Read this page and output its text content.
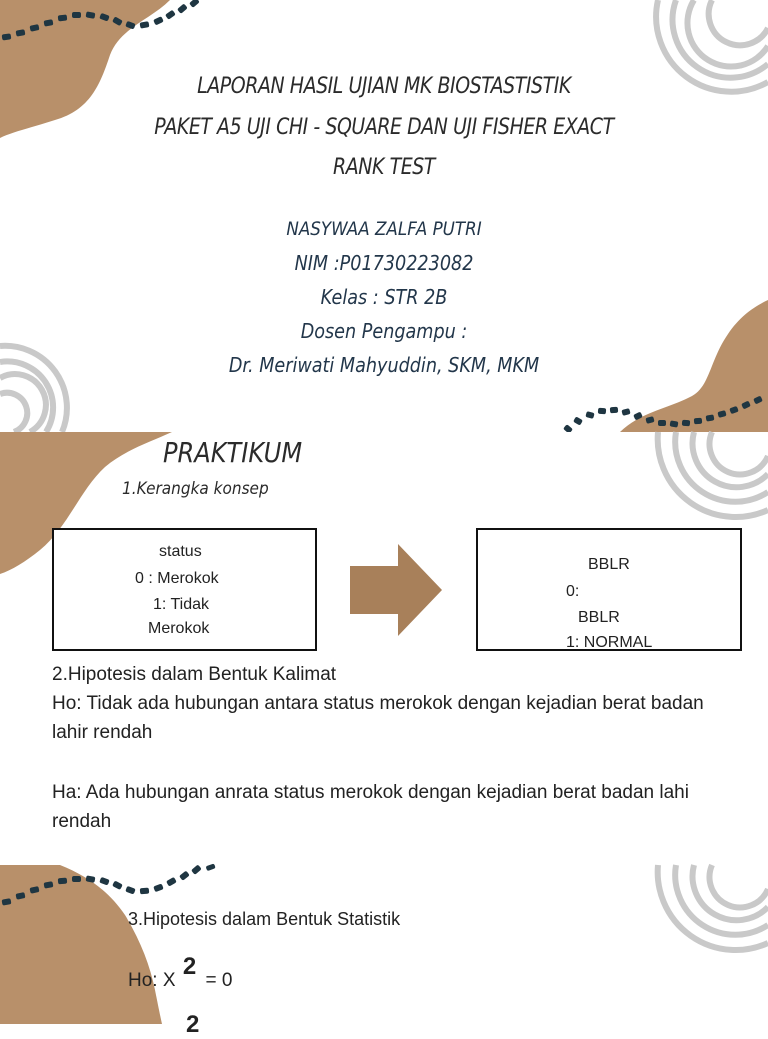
LAPORAN HASIL UJIAN MK BIOSTASTISTIK
PAKET A5 UJI CHI - SQUARE DAN UJI FISHER EXACT
RANK TEST
NASYWAA ZALFA PUTRI
NIM :P01730223082
Kelas : STR 2B
Dosen Pengampu :
Dr. Meriwati Mahyuddin, SKM, MKM
PRAKTIKUM
1.Kerangka konsep
status
0 : Merokok
1: Tidak
Merokok
BBLR
0:
BBLR
1: NORMAL
2.Hipotesis dalam Bentuk Kalimat
Ho: Tidak ada hubungan antara status merokok dengan kejadian berat badan lahir rendah
Ha: Ada hubungan anrata status merokok dengan kejadian berat badan lahi rendah
3.Hipotesis dalam Bentuk Statistik
Ho: X 2 = 0
2
